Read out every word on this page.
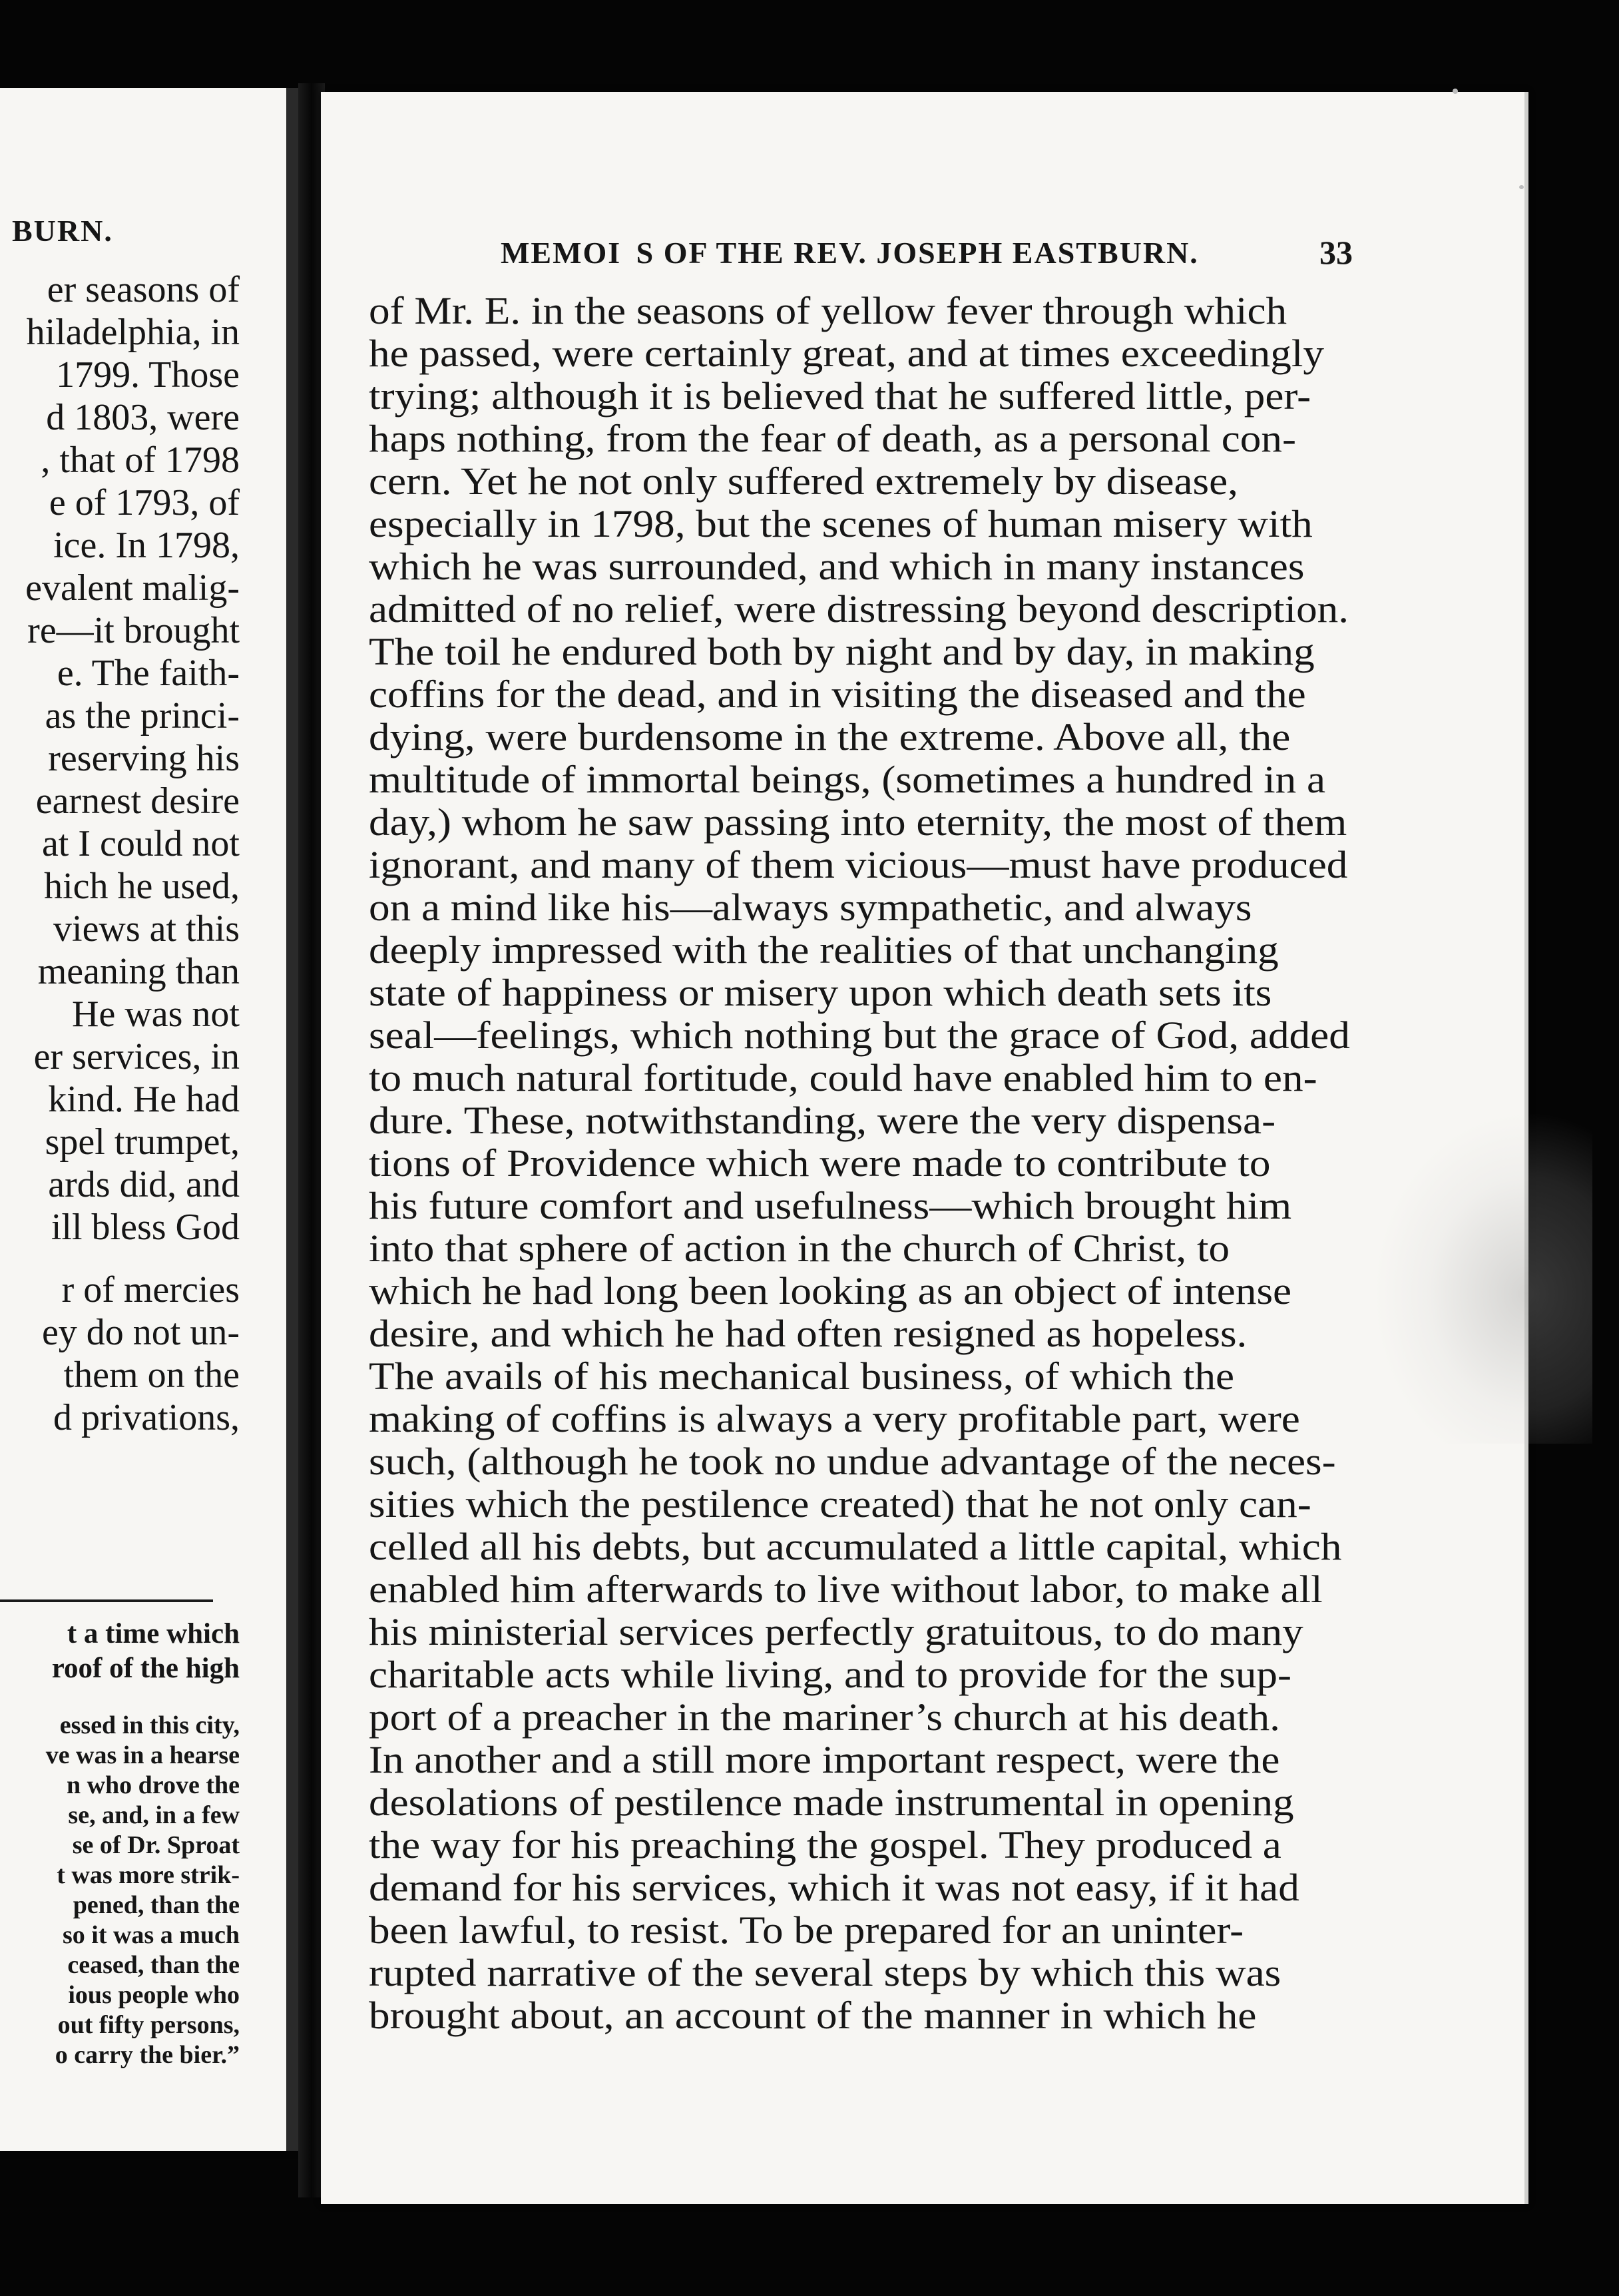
BURN.
er seasons of
hiladelphia, in
1799. Those
d 1803, were
, that of 1798
e of 1793, of
ice. In 1798,
evalent malig-
re—it brought
e. The faith-
as the princi-
reserving his
earnest desire
at I could not
hich he used,
views at this
meaning than
He was not
er services, in
kind. He had
spel trumpet,
ards did, and
ill bless God
r of mercies
ey do not un-
them on the
d privations,
t a time which
roof of the high
essed in this city,
ve was in a hearse
n who drove the
se, and, in a few
se of Dr. Sproat
t was more strik-
pened, than the
so it was a much
ceased, than the
ious people who
out fifty persons,
o carry the bier.”
MEMOI  S OF THE REV. JOSEPH EASTBURN.	33
of Mr. E. in the seasons of yellow fever through which
he passed, were certainly great, and at times exceedingly
trying; although it is believed that he suffered little, per-
haps nothing, from the fear of death, as a personal con-
cern. Yet he not only suffered extremely by disease,
especially in 1798, but the scenes of human misery with
which he was surrounded, and which in many instances
admitted of no relief, were distressing beyond description.
The toil he endured both by night and by day, in making
coffins for the dead, and in visiting the diseased and the
dying, were burdensome in the extreme. Above all, the
multitude of immortal beings, (sometimes a hundred in a
day,) whom he saw passing into eternity, the most of them
ignorant, and many of them vicious—must have produced
on a mind like his—always sympathetic, and always
deeply impressed with the realities of that unchanging
state of happiness or misery upon which death sets its
seal—feelings, which nothing but the grace of God, added
to much natural fortitude, could have enabled him to en-
dure. These, notwithstanding, were the very dispensa-
tions of Providence which were made to contribute to
his future comfort and usefulness—which brought him
into that sphere of action in the church of Christ, to
which he had long been looking as an object of intense
desire, and which he had often resigned as hopeless.
The avails of his mechanical business, of which the
making of coffins is always a very profitable part, were
such, (although he took no undue advantage of the neces-
sities which the pestilence created) that he not only can-
celled all his debts, but accumulated a little capital, which
enabled him afterwards to live without labor, to make all
his ministerial services perfectly gratuitous, to do many
charitable acts while living, and to provide for the sup-
port of a preacher in the mariner’s church at his death.
In another and a still more important respect, were the
desolations of pestilence made instrumental in opening
the way for his preaching the gospel. They produced a
demand for his services, which it was not easy, if it had
been lawful, to resist. To be prepared for an uninter-
rupted narrative of the several steps by which this was
brought about, an account of the manner in which he
